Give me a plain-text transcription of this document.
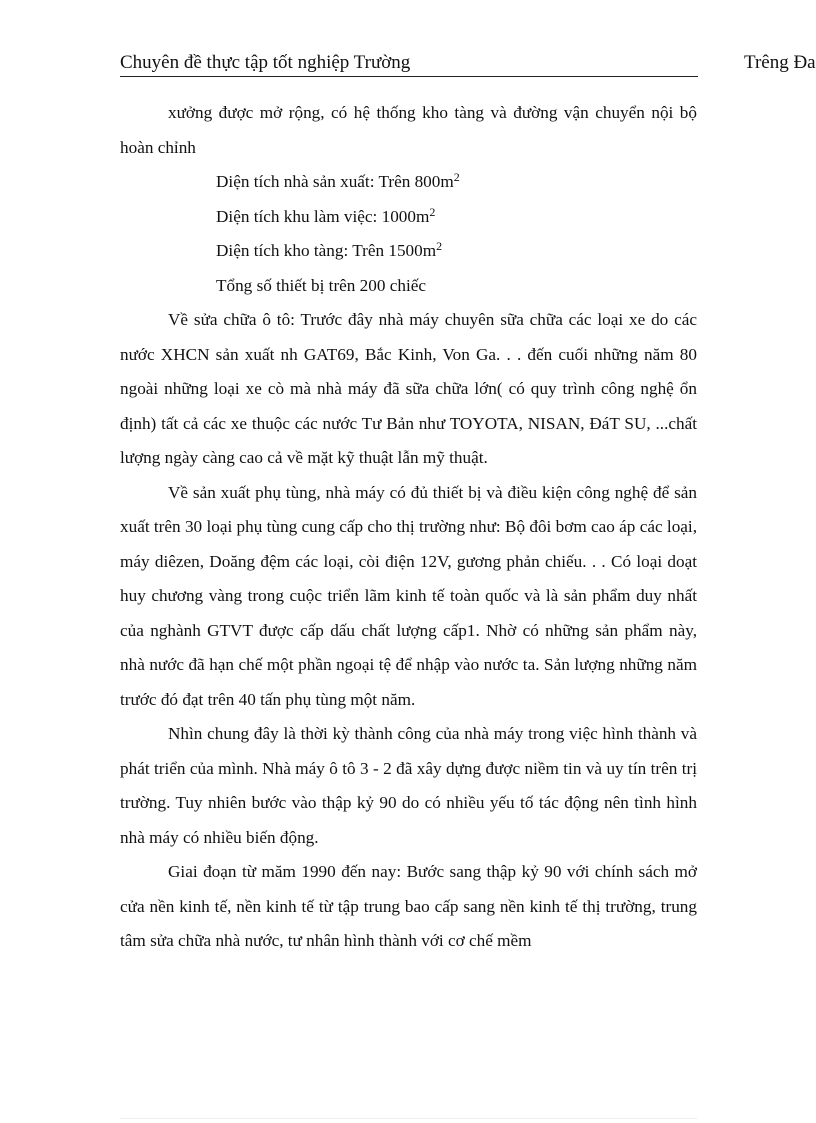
Chuyên đề thực tập tốt nghiệp Trường	Trêng Đa

xưởng được mở rộng, có hệ thống kho tàng và đường vận chuyển nội bộ hoàn chỉnh

Diện tích nhà sản xuất: Trên $800m^2$

Diện tích khu làm việc: $1000m^2$

Diện tích kho tàng: Trên $1500m^2$

Tổng số thiết bị trên 200 chiếc

Về sửa chữa ô tô: Trước đây nhà máy chuyên sữa chữa các loại xe do các nước XHCN sản xuất nh GAT69, Bắc Kinh, Von Ga. . . đến cuối những năm 80 ngoài những loại xe cò mà nhà máy đã sữa chữa lớn( có quy trình công nghệ ổn định) tất cả các xe thuộc các nước Tư Bản như TOYOTA, NISAN, ĐáT SU, ...chất lượng ngày càng cao cả về mặt kỹ thuật lẫn mỹ thuật.

Về sản xuất phụ tùng, nhà máy có đủ thiết bị và điều kiện công nghệ để sản xuất trên 30 loại phụ tùng cung cấp cho thị trường như: Bộ đôi bơm cao áp các loại, máy diêzen, Doăng đệm các loại, còi điện 12V, gương phản chiếu. . . Có loại doạt huy chương vàng trong cuộc triển lãm kinh tế toàn quốc và là sản phẩm duy nhất của nghành GTVT được cấp dấu chất lượng cấp1. Nhờ có những sản phẩm này, nhà nước đã hạn chế một phần ngoại tệ để nhập vào nước ta. Sản lượng những năm trước đó đạt trên 40 tấn phụ tùng một năm.

Nhìn chung đây là thời kỳ thành công của nhà máy trong việc hình thành và phát triển của mình. Nhà máy ô tô 3 - 2 đã xây dựng được niềm tin và uy tín trên trị trường. Tuy nhiên bước vào thập kỷ 90 do có nhiều yếu tố tác động nên tình hình nhà máy có nhiều biến động.

Giai đoạn từ măm 1990 đến nay: Bước sang thập kỷ 90 với chính sách mở cửa nền kinh tế, nền kinh tế từ tập trung bao cấp sang nền kinh tế thị trường, trung tâm sửa chữa nhà nước, tư nhân hình thành với cơ chế mềm
